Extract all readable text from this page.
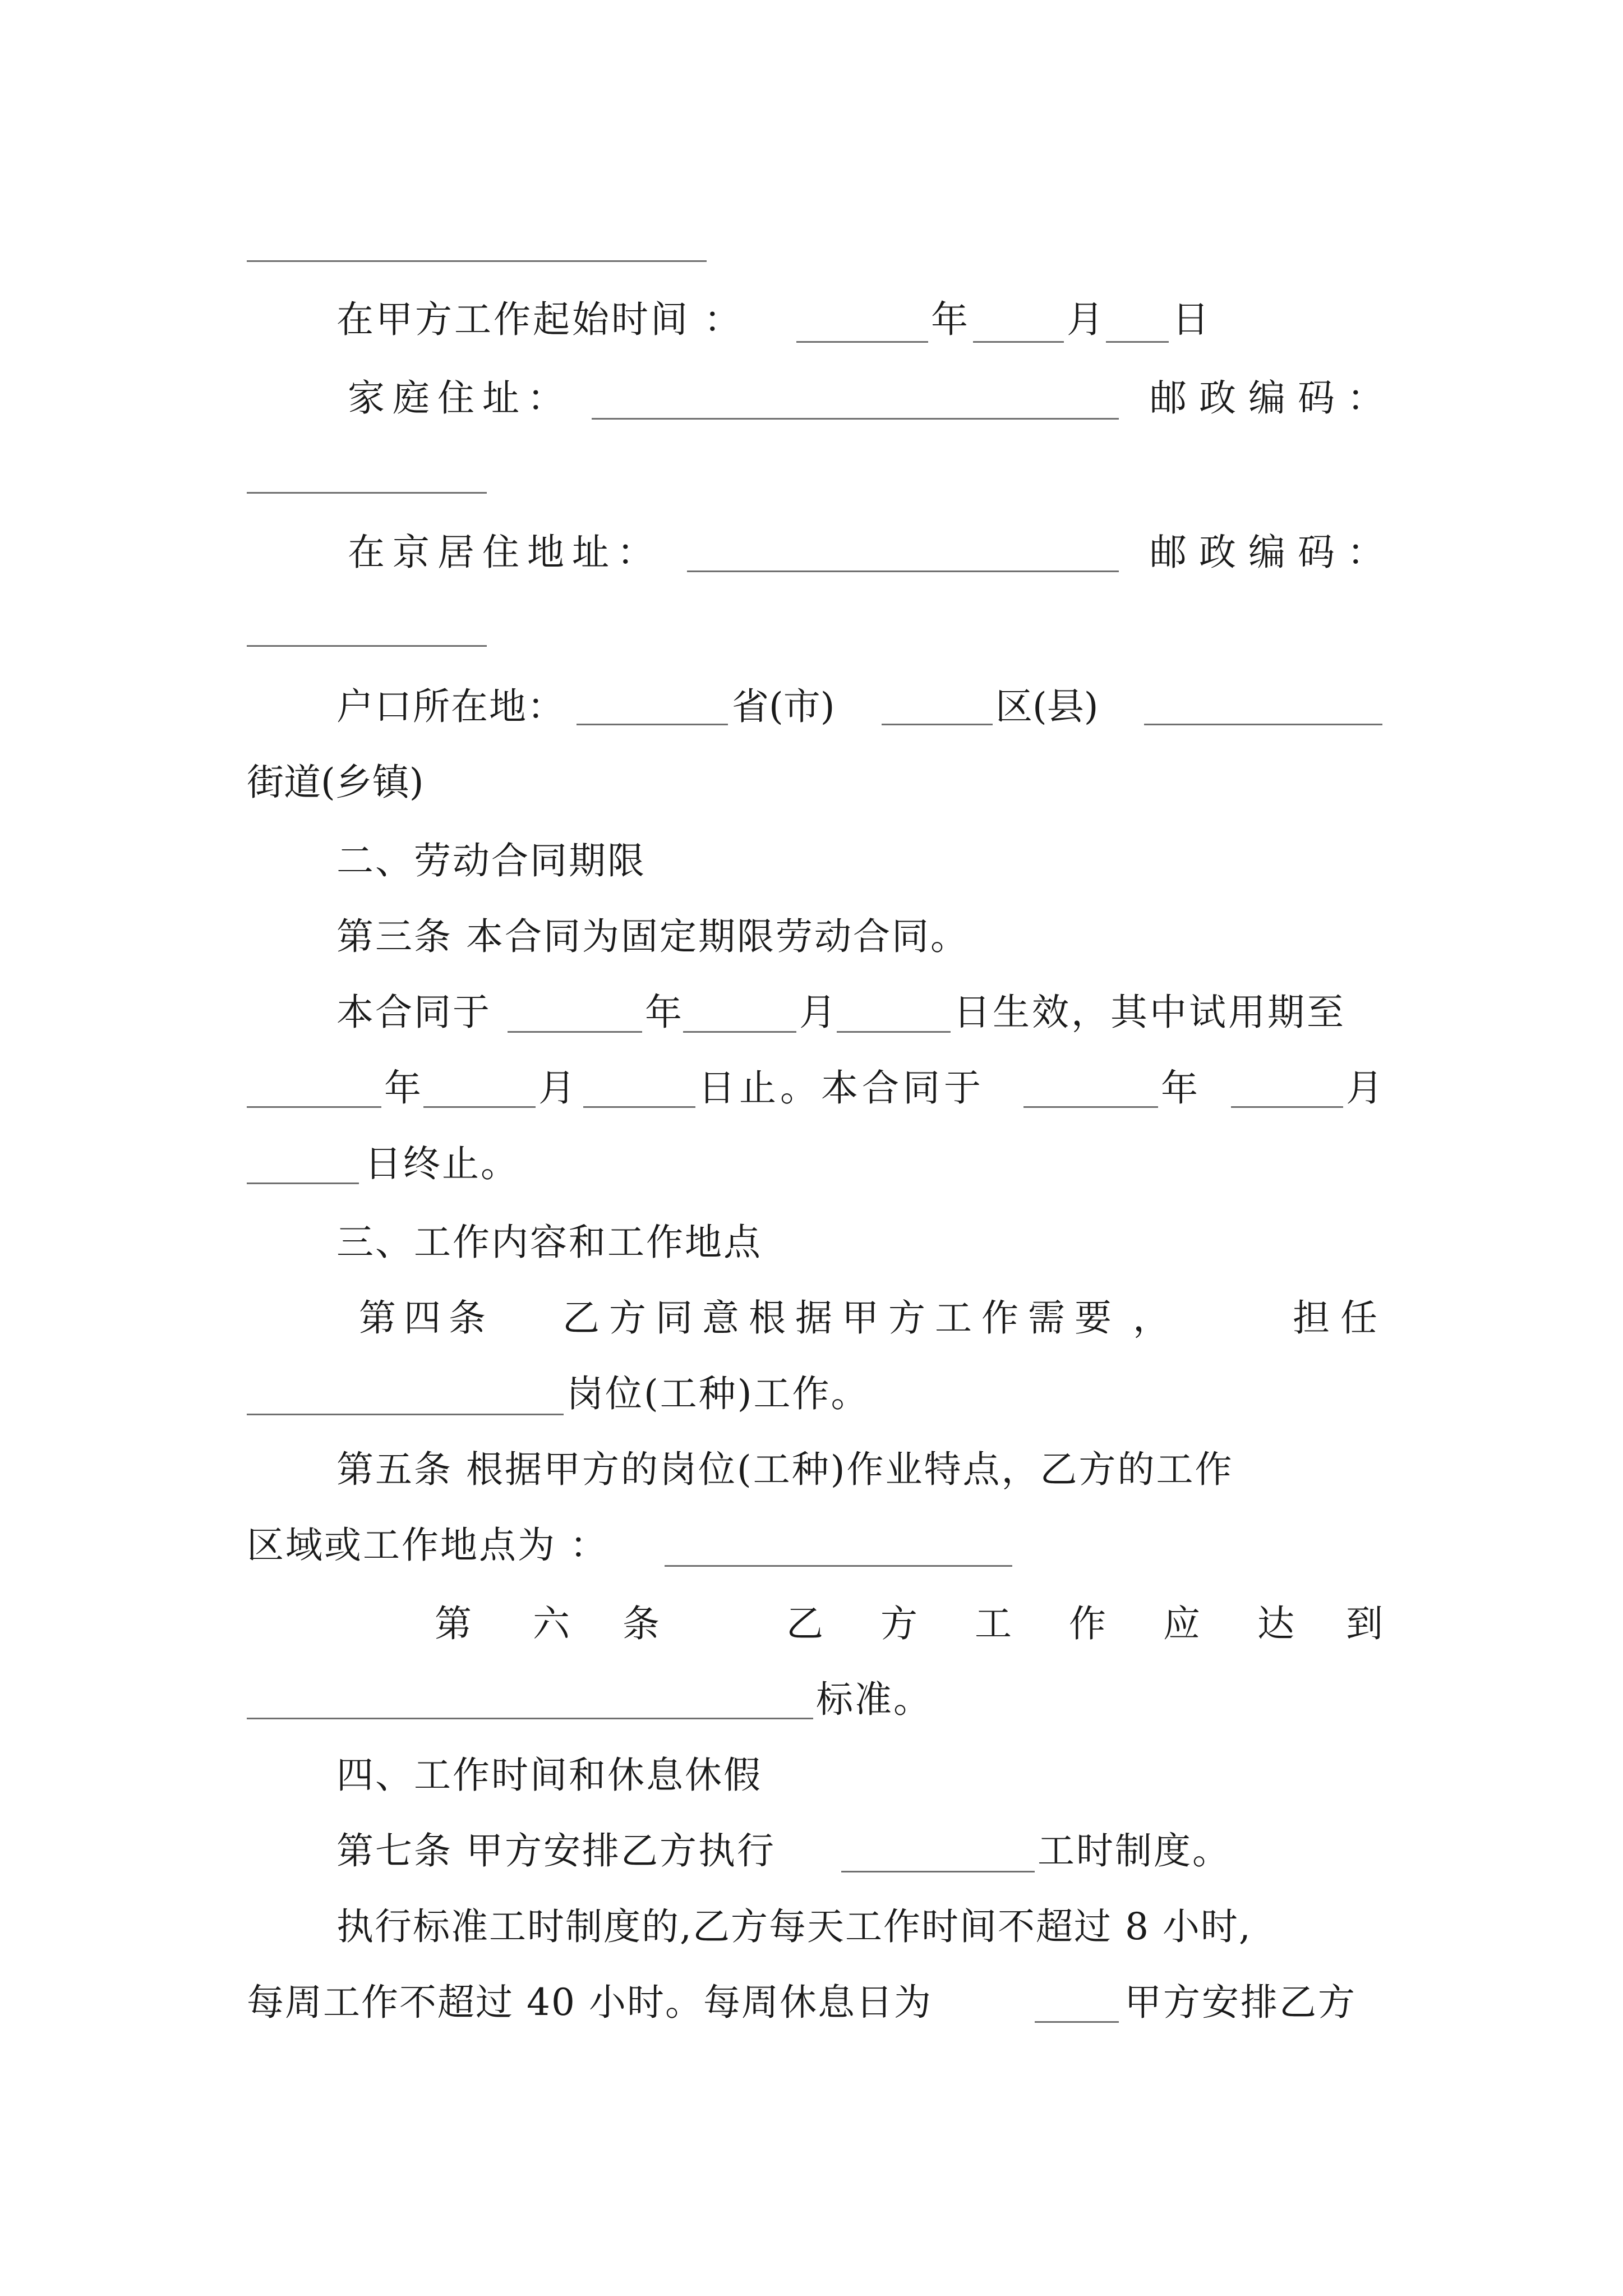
在甲方工作起始时间 ：	年	月 日
家庭住址：	邮政编码：
在京居住地址：	邮政编码：
户口所在地：	省(市)	区(县)
街道(乡镇)
二、劳动合同期限
第三条 本合同为固定期限劳动合同。
本合同于	年	月	日生效，其中试用期至
年	月	日止。本合同于	年	月
日终止。
三、工作内容和工作地点
第 四 条 乙 方 同 意 根 据 甲 方 工 作 需 要 ，	担 任
岗位(工种)工作。
第五条 根据甲方的岗位(工种)作业特点，乙方的工作
区域或工作地点为 ：
第 六 条	乙 方 工 作 应 达 到
标准。
四、工作时间和休息休假
第七条 甲方安排乙方执行	工时制度。
执行标准工时制度的,乙方每天工作时间不超过 8 小时,
每周工作不超过 40 小时。每周休息日为	甲方安排乙方
